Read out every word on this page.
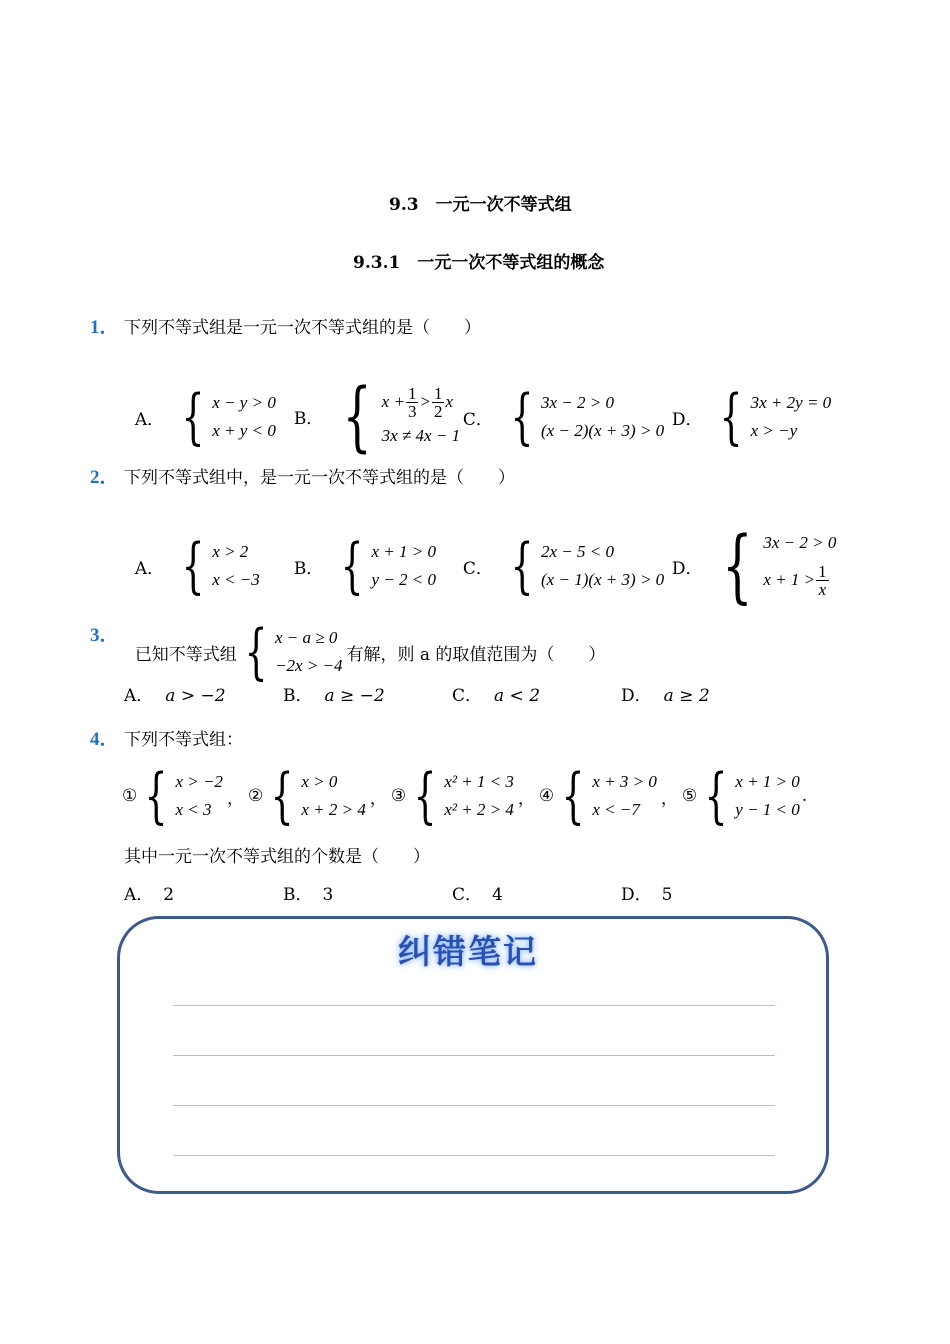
9.3　一元一次不等式组
9.3.1　一元一次不等式组的概念
1． 下列不等式组是一元一次不等式组的是（　　）

A． { x − y > 0
x + y < 0

B． { $x + \frac{1}{3} > \frac{1}{2}$ x
3x ≠ 4x − 1

C． { 3x − 2 > 0
(x − 2)(x + 3) > 0

D． { 3x + 2y = 0
x > −y

2． 下列不等式组中，是一元一次不等式组的是（　　）

A． { x > 2
x < −3

B． { x + 1 > 0
y − 2 < 0

C． { 2x − 5 < 0
(x − 1)(x + 3) > 0

D． { 3x − 2 > 0
$x + 1 > \frac{1}{x}$

3．

已知不等式组 { x − a ≥ 0
−2x > −4
有解，则 a 的取值范围为（　　）

A． a > −2	B． a ≥ −2	C． a < 2	D． a ≥ 2
4． 下列不等式组：
① { x > −2
x < 3
， ② { x > 0
x + 2 > 4
， ③ { x² + 1 < 3
x² + 2 > 4
， ④ { x + 3 > 0
x < −7
， ⑤ { x + 1 > 0
y − 1 < 0
.
其中一元一次不等式组的个数是（　　）
A． 2	B． 3	C． 4	D． 5
纠错笔记
